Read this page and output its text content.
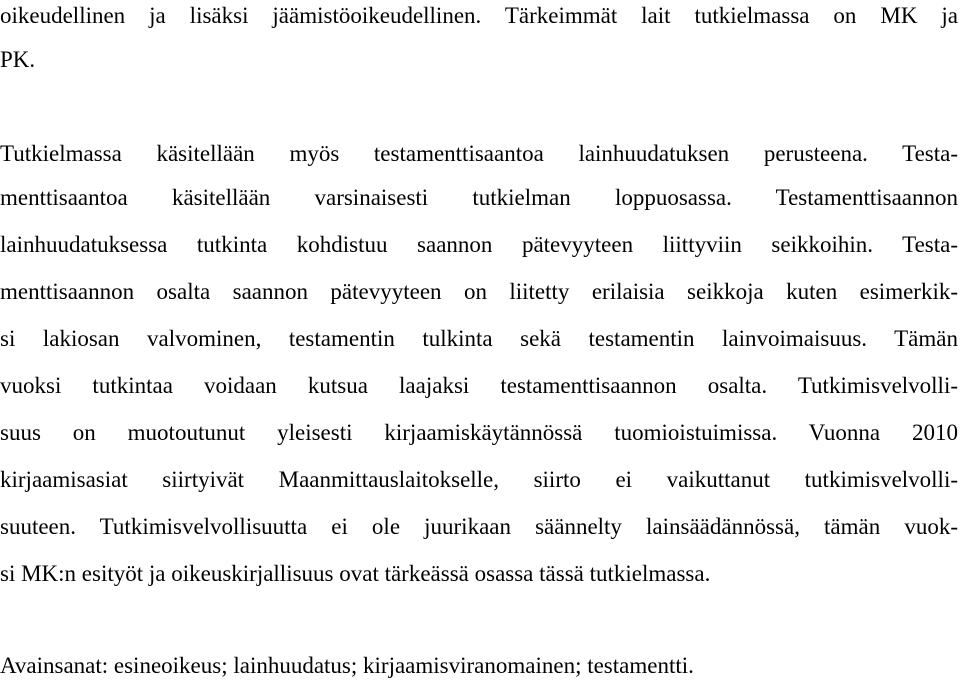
oikeudellinen ja lisäksi jäämistöoikeudellinen. Tärkeimmät lait tutkielmassa on MK ja
PK.
Tutkielmassa käsitellään myös testamenttisaantoa lainhuudatuksen perusteena. Testa-
menttisaantoa käsitellään varsinaisesti tutkielman loppuosassa. Testamenttisaannon
lainhuudatuksessa tutkinta kohdistuu saannon pätevyyteen liittyviin seikkoihin. Testa-
menttisaannon osalta saannon pätevyyteen on liitetty erilaisia seikkoja kuten esimerkik-
si lakiosan valvominen, testamentin tulkinta sekä testamentin lainvoimaisuus. Tämän
vuoksi tutkintaa voidaan kutsua laajaksi testamenttisaannon osalta. Tutkimisvelvolli-
suus on muotoutunut yleisesti kirjaamiskäytännössä tuomioistuimissa. Vuonna 2010
kirjaamisasiat siirtyivät Maanmittauslaitokselle, siirto ei vaikuttanut tutkimisvelvolli-
suuteen. Tutkimisvelvollisuutta ei ole juurikaan säännelty lainsäädännössä, tämän vuok-
si MK:n esityöt ja oikeuskirjallisuus ovat tärkeässä osassa tässä tutkielmassa.
Avainsanat: esineoikeus; lainhuudatus; kirjaamisviranomainen; testamentti.
